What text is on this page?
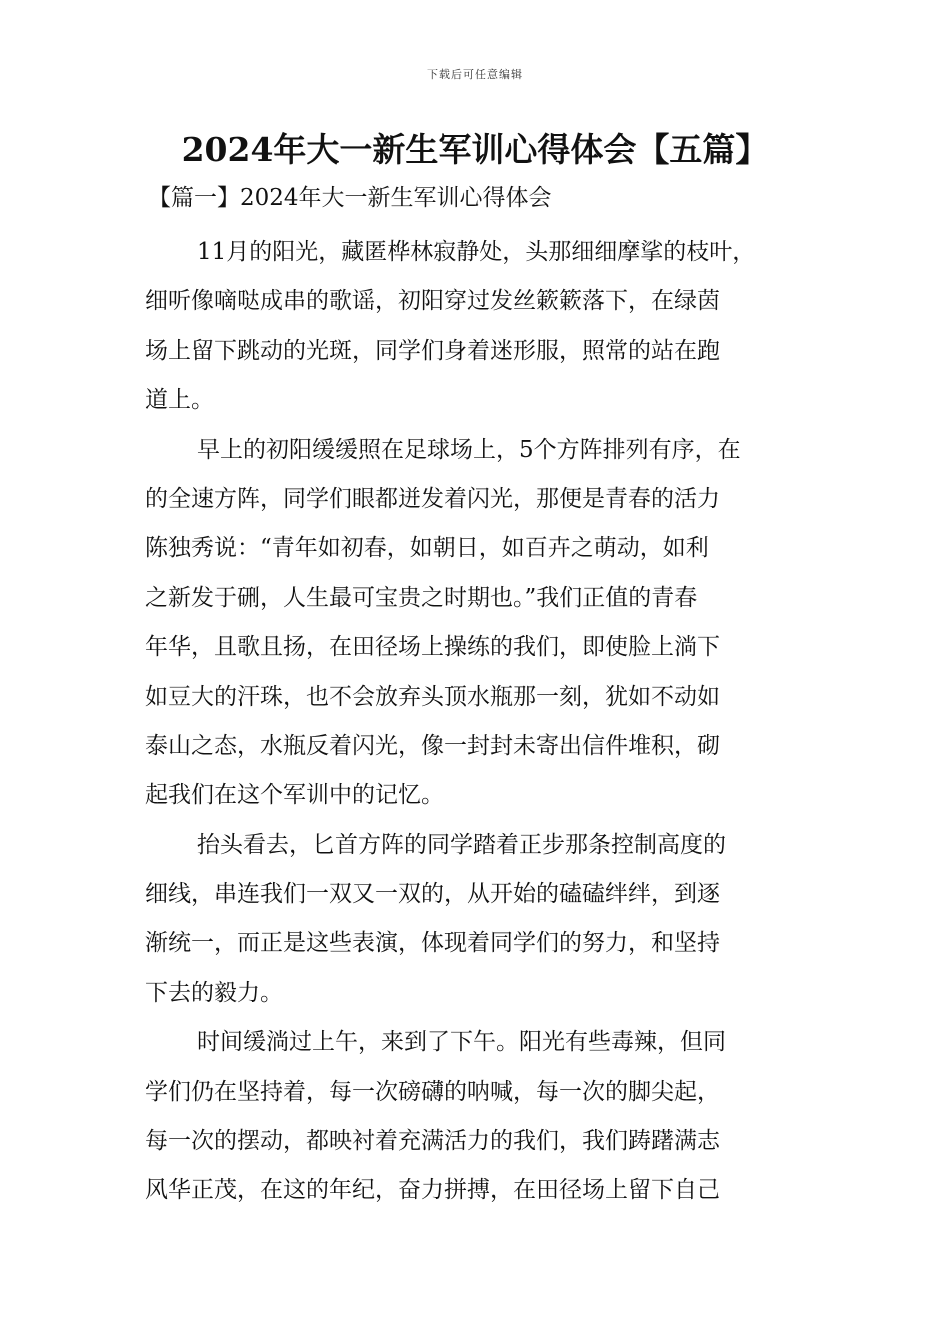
下载后可任意编辑
2024年大一新生军训心得体会【五篇】
【篇一】2024年大一新生军训心得体会

11月的阳光，藏匿桦林寂静处，头那细细摩挲的枝叶，
细听像嘀哒成串的歌谣，初阳穿过发丝簌簌落下，在绿茵
场上留下跳动的光斑，同学们身着迷形服，照常的站在跑
道上。

早上的初阳缓缓照在足球场上，5个方阵排列有序，在
的全速方阵，同学们眼都迸发着闪光，那便是青春的活力
陈独秀说：“青年如初春，如朝日，如百卉之萌动，如利
之新发于硎，人生最可宝贵之时期也。”我们正值的青春
年华，且歌且扬，在田径场上操练的我们，即使脸上淌下
如豆大的汗珠，也不会放弃头顶水瓶那一刻，犹如不动如
泰山之态，水瓶反着闪光，像一封封未寄出信件堆积，砌
起我们在这个军训中的记忆。

抬头看去，匕首方阵的同学踏着正步那条控制高度的
细线，串连我们一双又一双的，从开始的磕磕绊绊，到逐
渐统一，而正是这些表演，体现着同学们的努力，和坚持
下去的毅力。

时间缓淌过上午，来到了下午。阳光有些毒辣，但同
学们仍在坚持着，每一次磅礴的呐喊，每一次的脚尖起，
每一次的摆动，都映衬着充满活力的我们，我们踌躇满志
风华正茂，在这的年纪，奋力拼搏，在田径场上留下自己
